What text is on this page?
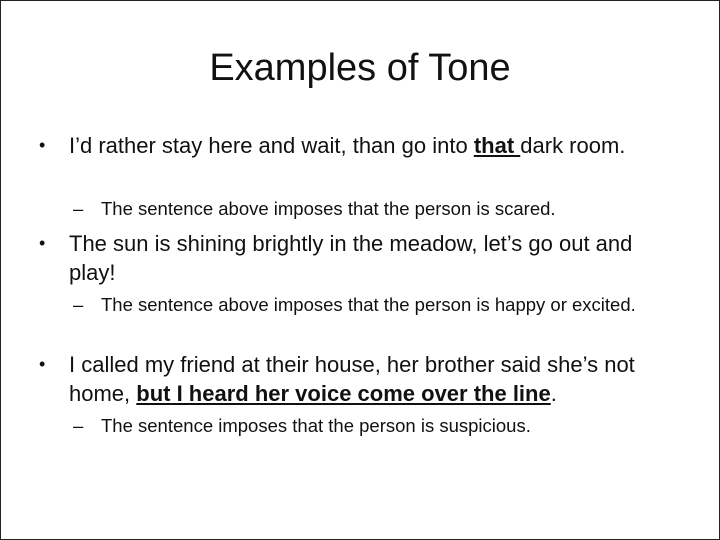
Examples of Tone
• I’d rather stay here and wait, than go into that dark room.
– The sentence above imposes that the person is scared.
• The sun is shining brightly in the meadow, let’s go out and play!
– The sentence above imposes that the person is happy or excited.
• I called my friend at their house, her brother said she’s not home, but I heard her voice come over the line.
– The sentence imposes that the person is suspicious.
